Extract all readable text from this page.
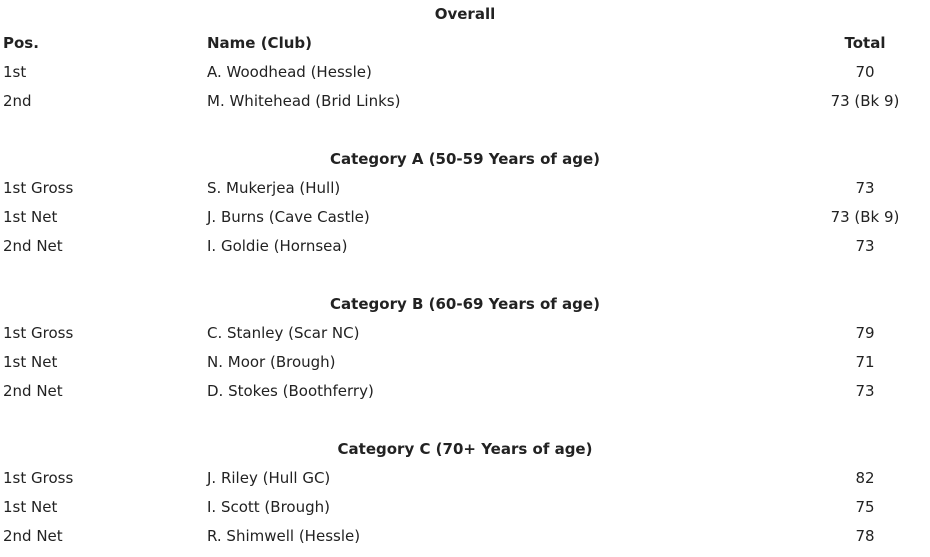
Overall
Pos.	Name (Club)	Total
1st	A. Woodhead (Hessle)	70
2nd	M. Whitehead (Brid Links)	73 (Bk 9)
Category A (50-59 Years of age)
1st Gross	S. Mukerjea (Hull)	73
1st Net	J. Burns (Cave Castle)	73 (Bk 9)
2nd Net	I. Goldie (Hornsea)	73
Category B (60-69 Years of age)
1st Gross	C. Stanley (Scar NC)	79
1st Net	N. Moor (Brough)	71
2nd Net	D. Stokes (Boothferry)	73
Category C (70+ Years of age)
1st Gross	J. Riley (Hull GC)	82
1st Net	I. Scott (Brough)	75
2nd Net	R. Shimwell (Hessle)	78
